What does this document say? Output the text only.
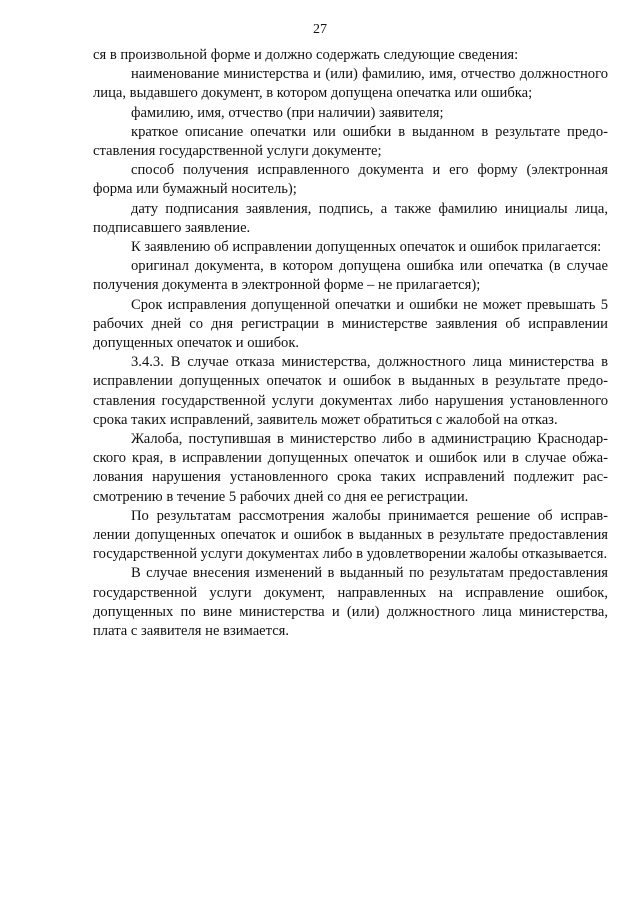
27

ся в произвольной форме и должно содержать следующие сведения:

наименование министерства и (или) фамилию, имя, отчество должностного лица, выдавшего документ, в котором допущена опечатка или ошибка;

фамилию, имя, отчество (при наличии) заявителя;

краткое описание опечатки или ошибки в выданном в результате предоставления государственной услуги документе;

способ получения исправленного документа и его форму (электронная форма или бумажный носитель);

дату подписания заявления, подпись, а также фамилию инициалы лица, подписавшего заявление.

К заявлению об исправлении допущенных опечаток и ошибок прилагается:

оригинал документа, в котором допущена ошибка или опечатка (в случае получения документа в электронной форме – не прилагается);

Срок исправления допущенной опечатки и ошибки не может превышать 5 рабочих дней со дня регистрации в министерстве заявления об исправлении допущенных опечаток и ошибок.

3.4.3. В случае отказа министерства, должностного лица министерства в исправлении допущенных опечаток и ошибок в выданных в результате предоставления государственной услуги документах либо нарушения установленного срока таких исправлений, заявитель может обратиться с жалобой на отказ.

Жалоба, поступившая в министерство либо в администрацию Краснодарского края, в исправлении допущенных опечаток и ошибок или в случае обжалования нарушения установленного срока таких исправлений подлежит рассмотрению в течение 5 рабочих дней со дня ее регистрации.

По результатам рассмотрения жалобы принимается решение об исправлении допущенных опечаток и ошибок в выданных в результате предоставления государственной услуги документах либо в удовлетворении жалобы отказывается.

В случае внесения изменений в выданный по результатам предоставления государственной услуги документ, направленных на исправление ошибок, допущенных по вине министерства и (или) должностного лица министерства, плата с заявителя не взимается.
